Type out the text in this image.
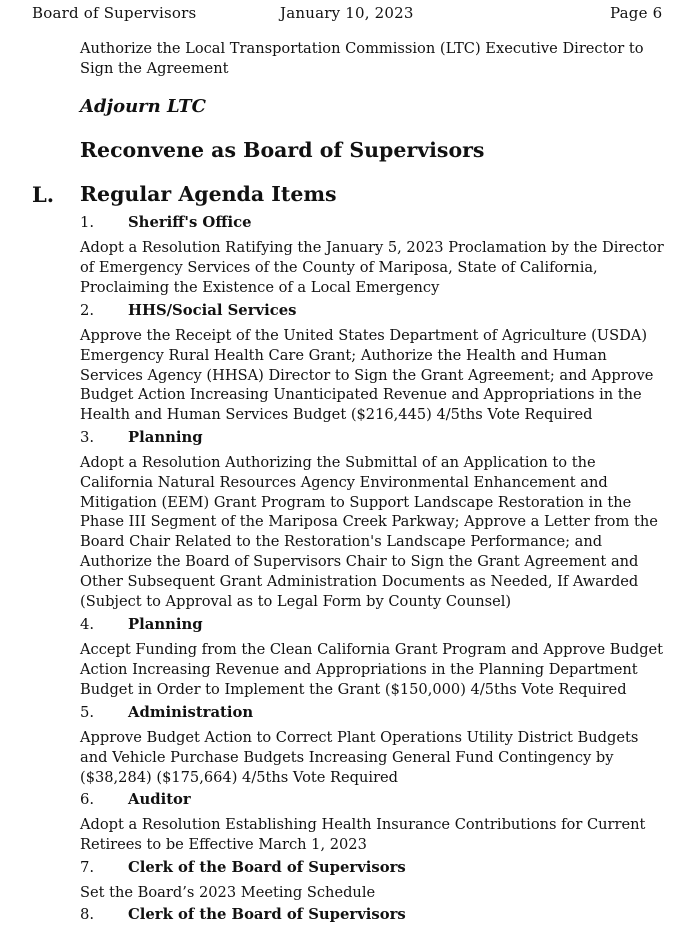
Board of Supervisors	January 10, 2023	Page 6
Authorize the Local Transportation Commission (LTC) Executive Director to Sign the Agreement
Adjourn LTC
Reconvene as Board of Supervisors
L. Regular Agenda Items
1. Sheriff's Office
Adopt a Resolution Ratifying the January 5, 2023 Proclamation by the Director of Emergency Services of the County of Mariposa, State of California, Proclaiming the Existence of a Local Emergency
2. HHS/Social Services
Approve the Receipt of the United States Department of Agriculture (USDA) Emergency Rural Health Care Grant; Authorize the Health and Human Services Agency (HHSA) Director to Sign the Grant Agreement; and Approve Budget Action Increasing Unanticipated Revenue and Appropriations in the Health and Human Services Budget ($216,445) 4/5ths Vote Required
3. Planning
Adopt a Resolution Authorizing the Submittal of an Application to the California Natural Resources Agency Environmental Enhancement and Mitigation (EEM) Grant Program to Support Landscape Restoration in the Phase III Segment of the Mariposa Creek Parkway; Approve a Letter from the Board Chair Related to the Restoration's Landscape Performance; and Authorize the Board of Supervisors Chair to Sign the Grant Agreement and Other Subsequent Grant Administration Documents as Needed, If Awarded (Subject to Approval as to Legal Form by County Counsel)
4. Planning
Accept Funding from the Clean California Grant Program and Approve Budget Action Increasing Revenue and Appropriations in the Planning Department Budget in Order to Implement the Grant ($150,000) 4/5ths Vote Required
5. Administration
Approve Budget Action to Correct Plant Operations Utility District Budgets and Vehicle Purchase Budgets Increasing General Fund Contingency by ($38,284) ($175,664) 4/5ths Vote Required
6. Auditor
Adopt a Resolution Establishing Health Insurance Contributions for Current Retirees to be Effective March 1, 2023
7. Clerk of the Board of Supervisors
Set the Board’s 2023 Meeting Schedule
8. Clerk of the Board of Supervisors
